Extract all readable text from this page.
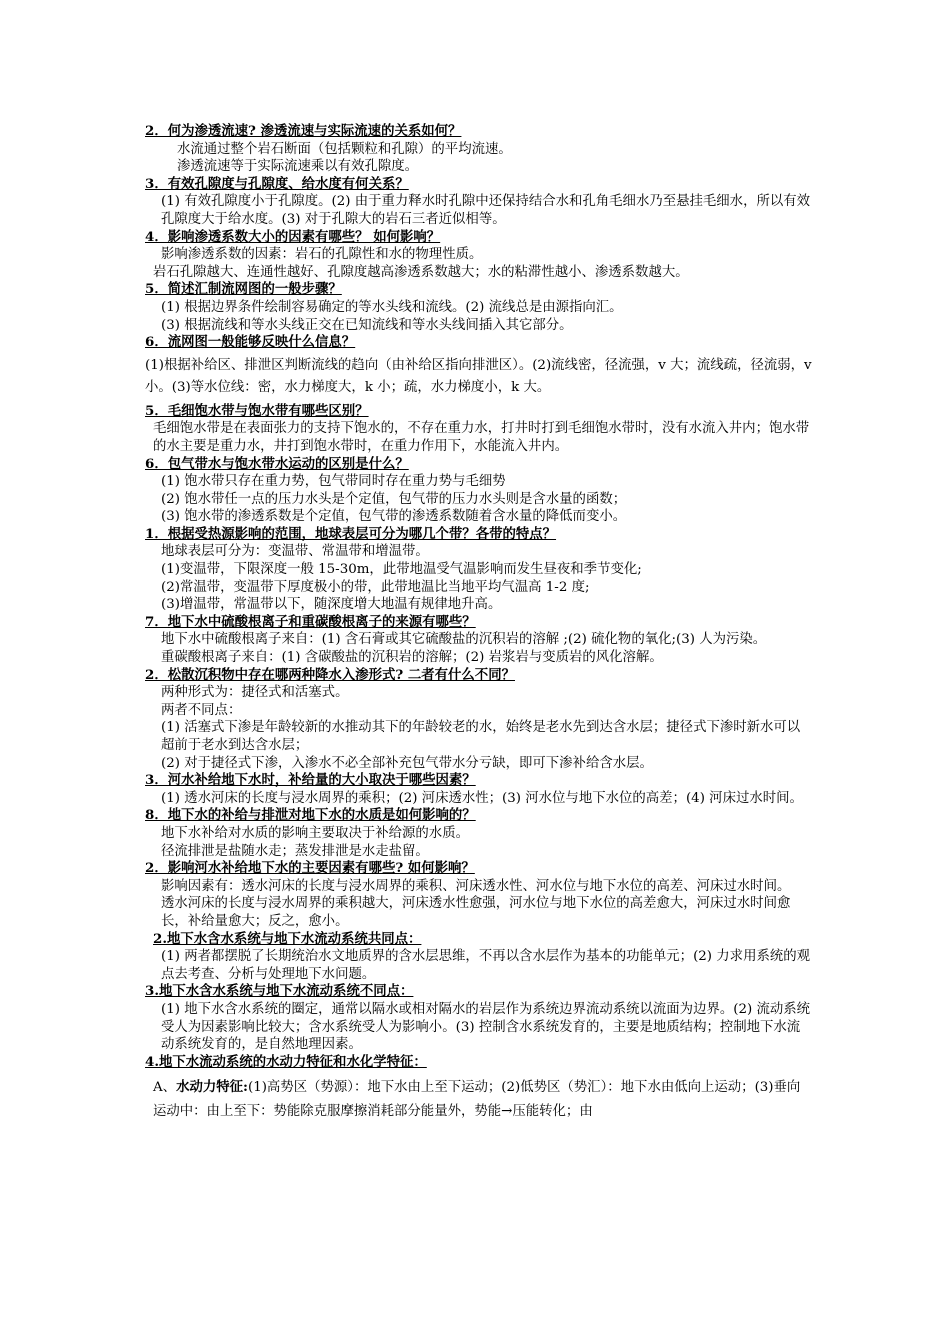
2．何为渗透流速? 渗透流速与实际流速的关系如何？
水流通过整个岩石断面（包括颗粒和孔隙）的平均流速。
渗透流速等于实际流速乘以有效孔隙度。
3．有效孔隙度与孔隙度、给水度有何关系？
(1) 有效孔隙度小于孔隙度。(2) 由于重力释水时孔隙中还保持结合水和孔角毛细水乃至悬挂毛细水，所以有效孔隙度大于给水度。(3) 对于孔隙大的岩石三者近似相等。
4．影响渗透系数大小的因素有哪些？ 如何影响？
影响渗透系数的因素：岩石的孔隙性和水的物理性质。
岩石孔隙越大、连通性越好、孔隙度越高渗透系数越大；水的粘滞性越小、渗透系数越大。
5．简述汇制流网图的一般步骤？
(1) 根据边界条件绘制容易确定的等水头线和流线。(2) 流线总是由源指向汇。
(3) 根据流线和等水头线正交在已知流线和等水头线间插入其它部分。
6．流网图一般能够反映什么信息？
(1)根据补给区、排泄区判断流线的趋向（由补给区指向排泄区）。(2)流线密，径流强，v 大；流线疏，径流弱，v 小。(3)等水位线：密，水力梯度大，k 小；疏，水力梯度小，k 大。
5．毛细饱水带与饱水带有哪些区别？
毛细饱水带是在表面张力的支持下饱水的，不存在重力水，打井时打到毛细饱水带时，没有水流入井内；饱水带的水主要是重力水，井打到饱水带时，在重力作用下，水能流入井内。
6．包气带水与饱水带水运动的区别是什么？
(1) 饱水带只存在重力势，包气带同时存在重力势与毛细势
(2) 饱水带任一点的压力水头是个定值，包气带的压力水头则是含水量的函数；
(3) 饱水带的渗透系数是个定值，包气带的渗透系数随着含水量的降低而变小。
1．根据受热源影响的范围，地球表层可分为哪几个带？各带的特点？
地球表层可分为：变温带、常温带和增温带。
(1)变温带，下限深度一般 15-30m，此带地温受气温影响而发生昼夜和季节变化;
(2)常温带，变温带下厚度极小的带，此带地温比当地平均气温高 1-2 度;
(3)增温带，常温带以下，随深度增大地温有规律地升高。
7．地下水中硫酸根离子和重碳酸根离子的来源有哪些？
地下水中硫酸根离子来自：(1) 含石膏或其它硫酸盐的沉积岩的溶解 ;(2) 硫化物的氧化;(3) 人为污染。
重碳酸根离子来自：(1) 含碳酸盐的沉积岩的溶解；(2) 岩浆岩与变质岩的风化溶解。
2．松散沉积物中存在哪两种降水入渗形式? 二者有什么不同？
两种形式为：捷径式和活塞式。
两者不同点：
(1) 活塞式下渗是年龄较新的水推动其下的年龄较老的水，始终是老水先到达含水层；捷径式下渗时新水可以超前于老水到达含水层；
(2) 对于捷径式下渗，入渗水不必全部补充包气带水分亏缺，即可下渗补给含水层。
3．河水补给地下水时，补给量的大小取决于哪些因素？
(1) 透水河床的长度与浸水周界的乘积；(2) 河床透水性；(3) 河水位与地下水位的高差；(4) 河床过水时间。
8．地下水的补给与排泄对地下水的水质是如何影响的？
地下水补给对水质的影响主要取决于补给源的水质。
径流排泄是盐随水走；蒸发排泄是水走盐留。
2．影响河水补给地下水的主要因素有哪些? 如何影响？
影响因素有：透水河床的长度与浸水周界的乘积、河床透水性、河水位与地下水位的高差、河床过水时间。
透水河床的长度与浸水周界的乘积越大，河床透水性愈强，河水位与地下水位的高差愈大，河床过水时间愈长，补给量愈大；反之，愈小。
2.地下水含水系统与地下水流动系统共同点：
(1) 两者都摆脱了长期统治水文地质界的含水层思维，不再以含水层作为基本的功能单元；(2) 力求用系统的观点去考查、分析与处理地下水问题。
3.地下水含水系统与地下水流动系统不同点：
(1) 地下水含水系统的圈定，通常以隔水或相对隔水的岩层作为系统边界流动系统以流面为边界。(2) 流动系统受人为因素影响比较大；含水系统受人为影响小。(3) 控制含水系统发育的，主要是地质结构；控制地下水流动系统发育的，是自然地理因素。
4.地下水流动系统的水动力特征和水化学特征：
A、水动力特征:(1)高势区（势源）：地下水由上至下运动；(2)低势区（势汇）：地下水由低向上运动；(3)垂向运动中：由上至下：势能除克服摩擦消耗部分能量外，势能→压能转化；由
